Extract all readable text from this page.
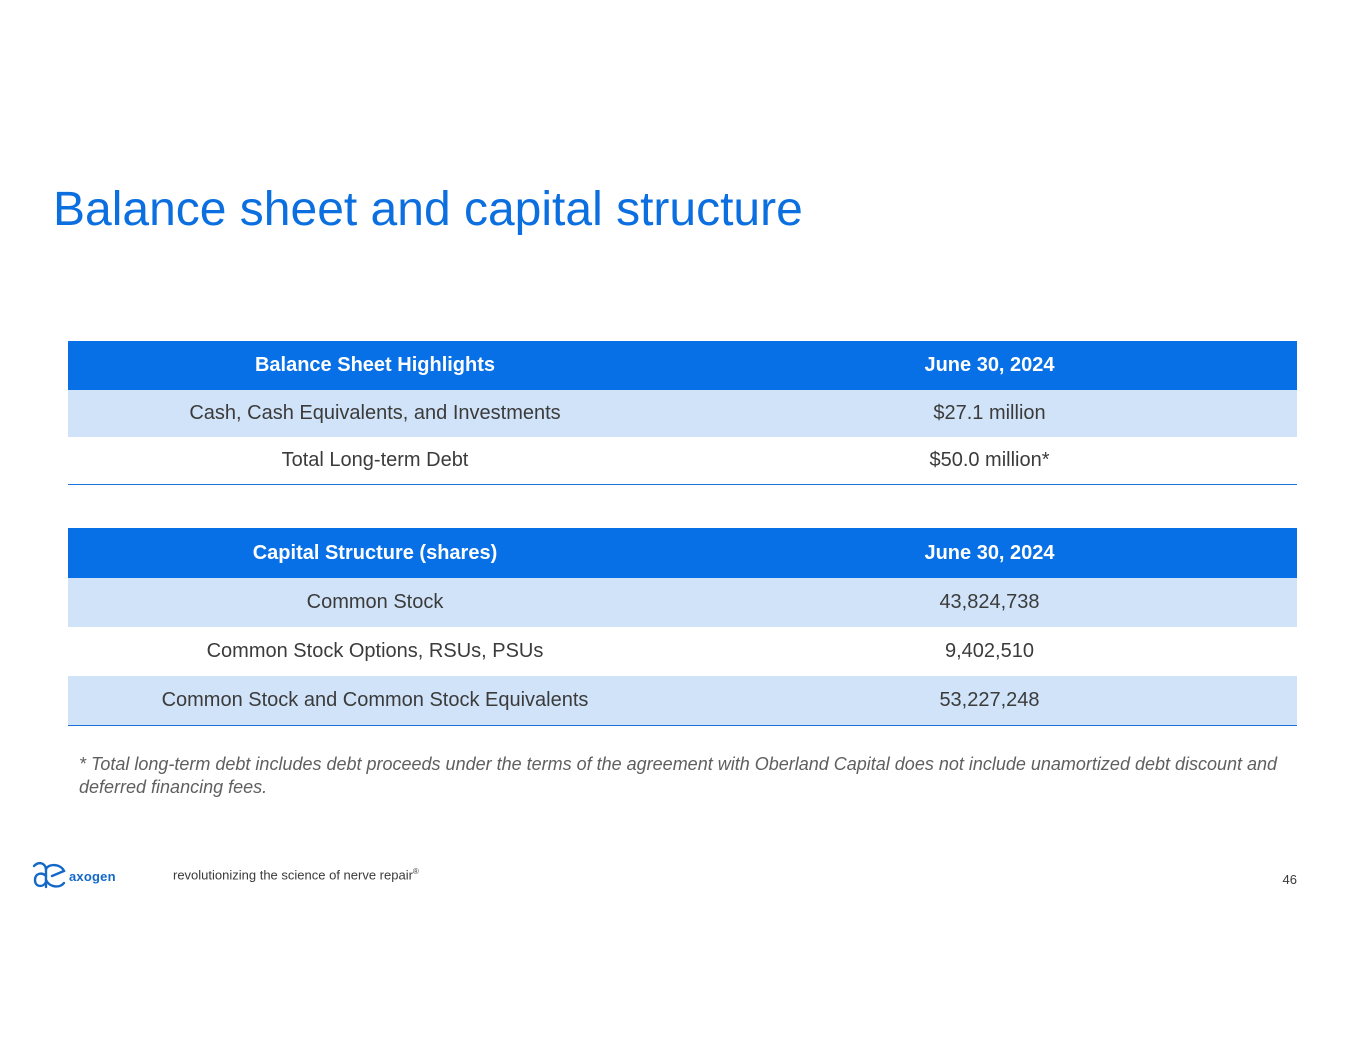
Balance sheet and capital structure
Balance Sheet Highlights	June 30, 2024
Cash, Cash Equivalents, and Investments	$27.1 million
Total Long-term Debt	$50.0 million*
Capital Structure (shares)	June 30, 2024
Common Stock	43,824,738
Common Stock Options, RSUs, PSUs	9,402,510
Common Stock and Common Stock Equivalents	53,227,248

* Total long-term debt includes debt proceeds under the terms of the agreement with Oberland Capital does not include unamortized debt discount and deferred financing fees.

axogen	revolutionizing the science of nerve repair®
46
